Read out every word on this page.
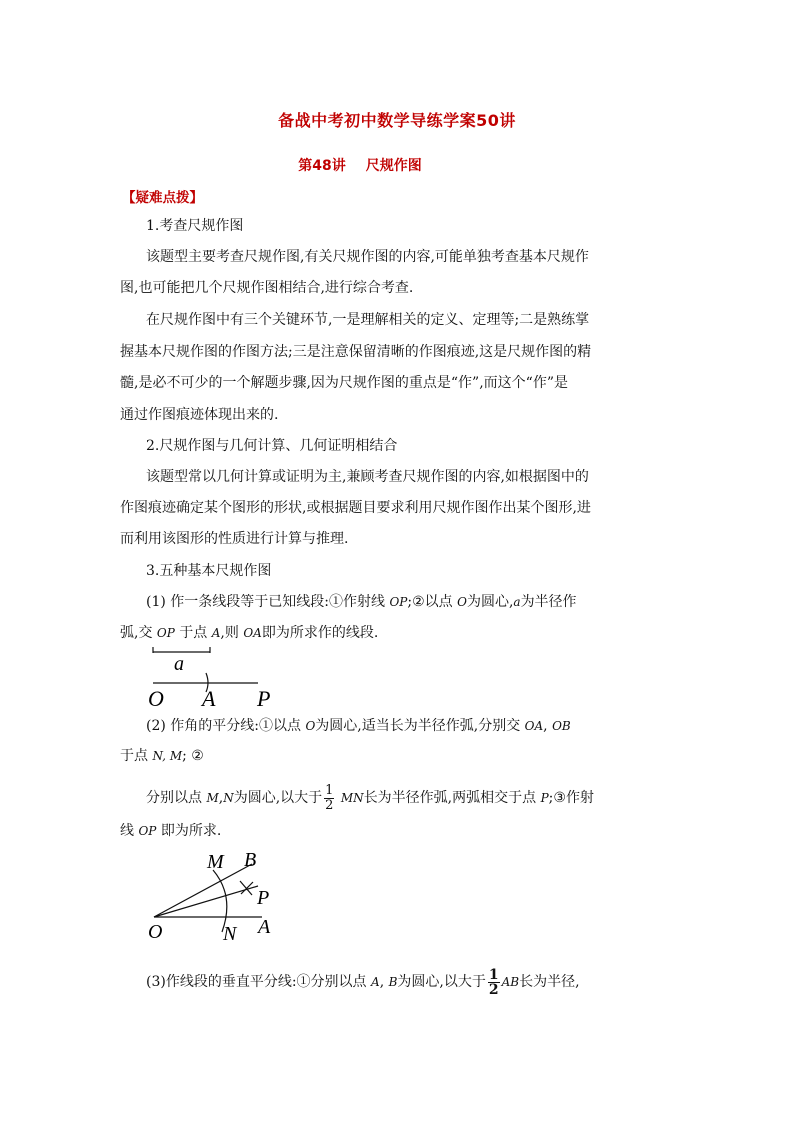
备战中考初中数学导练学案50讲
第48讲 尺规作图
【疑难点拨】
1.考查尺规作图
该题型主要考查尺规作图,有关尺规作图的内容,可能单独考查基本尺规作
图,也可能把几个尺规作图相结合,进行综合考查.
在尺规作图中有三个关键环节,一是理解相关的定义、定理等;二是熟练掌
握基本尺规作图的作图方法;三是注意保留清晰的作图痕迹,这是尺规作图的精
髓,是必不可少的一个解题步骤,因为尺规作图的重点是“作”,而这个“作”是
通过作图痕迹体现出来的.
2.尺规作图与几何计算、几何证明相结合
该题型常以几何计算或证明为主,兼顾考查尺规作图的内容,如根据图中的
作图痕迹确定某个图形的形状,或根据题目要求利用尺规作图作出某个图形,进
而利用该图形的性质进行计算与推理.
3.五种基本尺规作图
(1) 作一条线段等于已知线段:①作射线 OP;②以点 O为圆心,a为半径作
弧,交 OP 于点 A,则 OA即为所求作的线段.
a
O A P
(2) 作角的平分线:①以点 O为圆心,适当长为半径作弧,分别交 OA, OB
于点 N, M; ②
分别以点 M,N为圆心,以大于 $\frac{1}{2}$ MN长为半径作弧,两弧相交于点 P;③作射
线 OP 即为所求.
M B
P
O	N A
(3)作线段的垂直平分线:①分别以点 A, B为圆心,以大于 $\frac{1}{2}$ AB长为半径,
